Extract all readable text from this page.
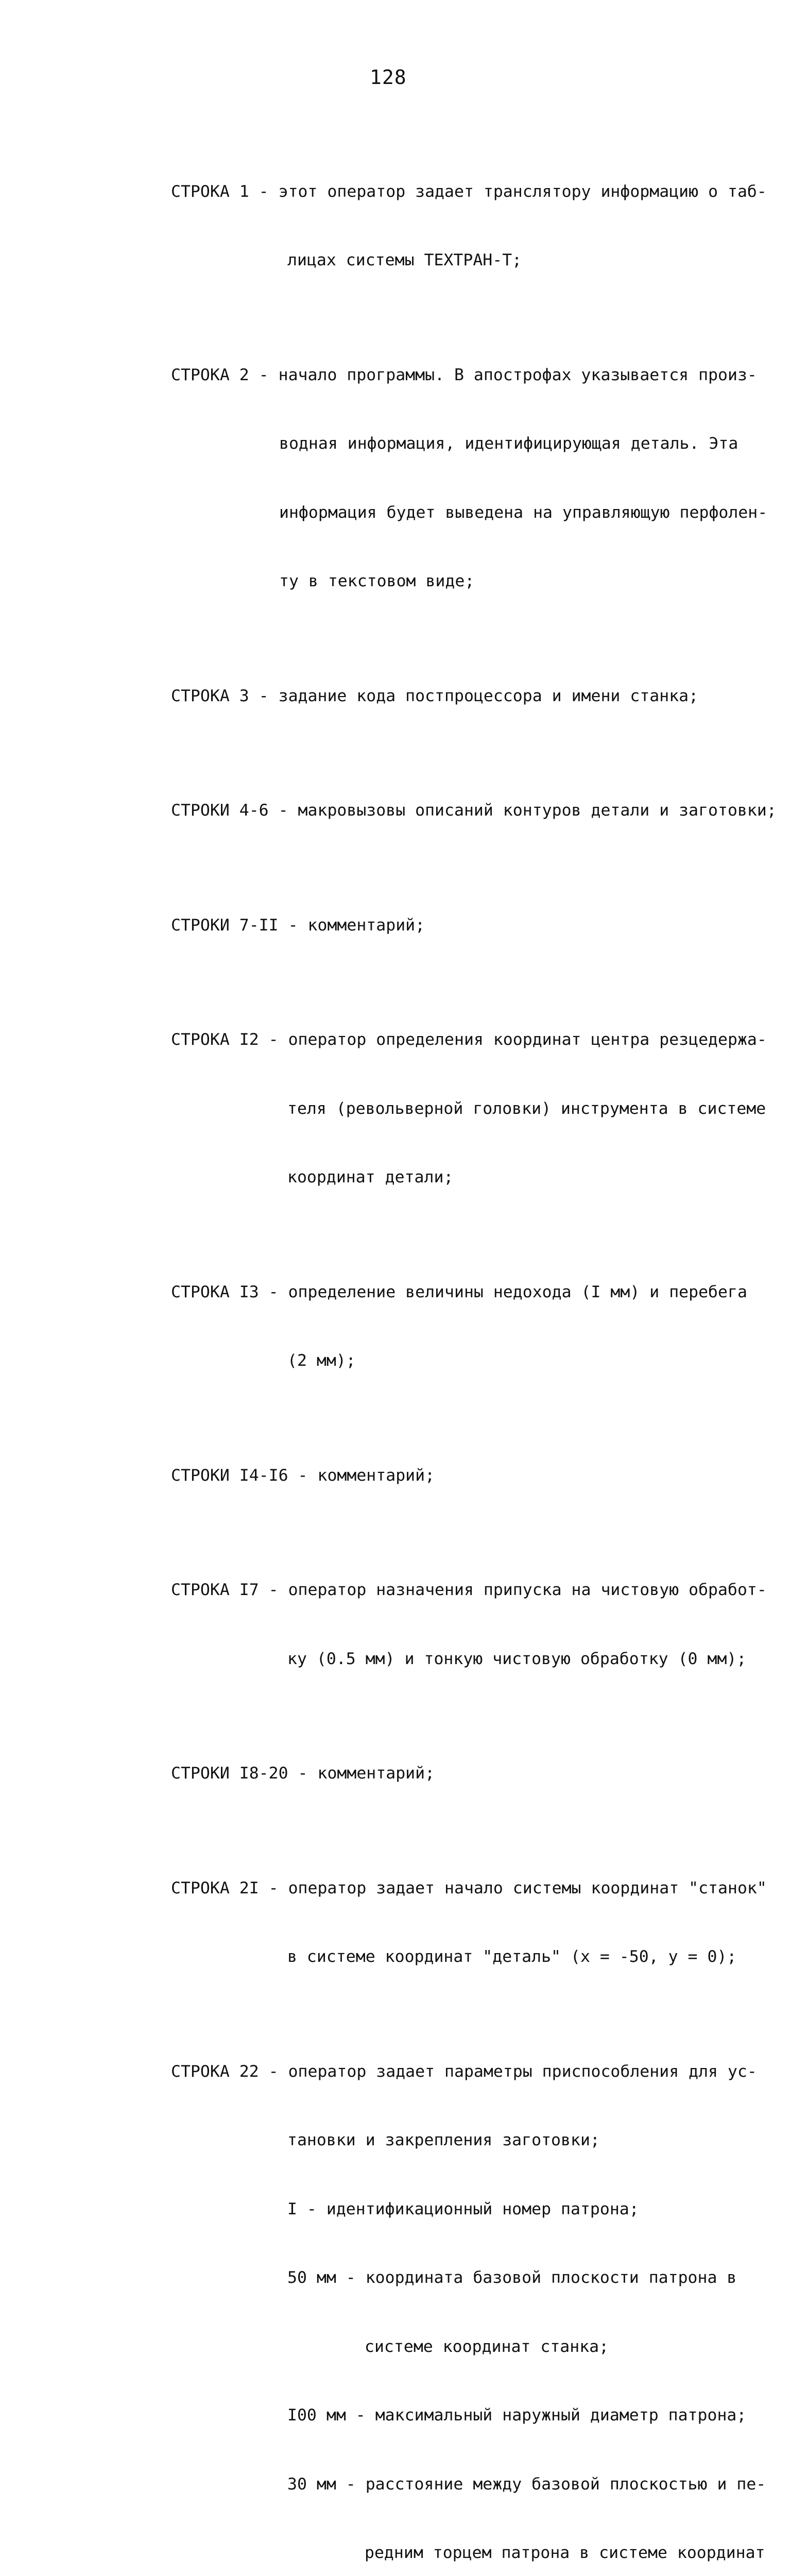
128

СТРОКА 1 - этот оператор задает транслятору информацию о таб-

лицах системы ТЕХТРАН-Т;

СТРОКА 2 - начало программы. В апострофах указывается произ-

водная информация, идентифицирующая деталь. Эта

информация будет выведена на управляющую перфолен-

ту в текстовом виде;

СТРОКА 3 - задание кода постпроцессора и имени станка;

СТРОКИ 4-6 - макровызовы описаний контуров детали и заготовки;

СТРОКИ 7-II - комментарий;

СТРОКА I2 - оператор определения координат центра резцедержа-

теля (револьверной головки) инструмента в системе

координат детали;

СТРОКА I3 - определение величины недохода (I мм) и перебега

(2 мм);

СТРОКИ I4-I6 - комментарий;

СТРОКА I7 - оператор назначения припуска на чистовую обработ-

ку (0.5 мм) и тонкую чистовую обработку (0 мм);

СТРОКИ I8-20 - комментарий;

СТРОКА 2I - оператор задает начало системы координат "станок"

в системе координат "деталь" (x = -50, y = 0);

СТРОКА 22 - оператор задает параметры приспособления для ус-

тановки и закрепления заготовки;

I - идентификационный номер патрона;

50 мм - координата базовой плоскости патрона в

системе координат станка;

I00 мм - максимальный наружный диаметр патрона;

30 мм - расстояние между базовой плоскостью и пе-

редним торцем патрона в системе координат
